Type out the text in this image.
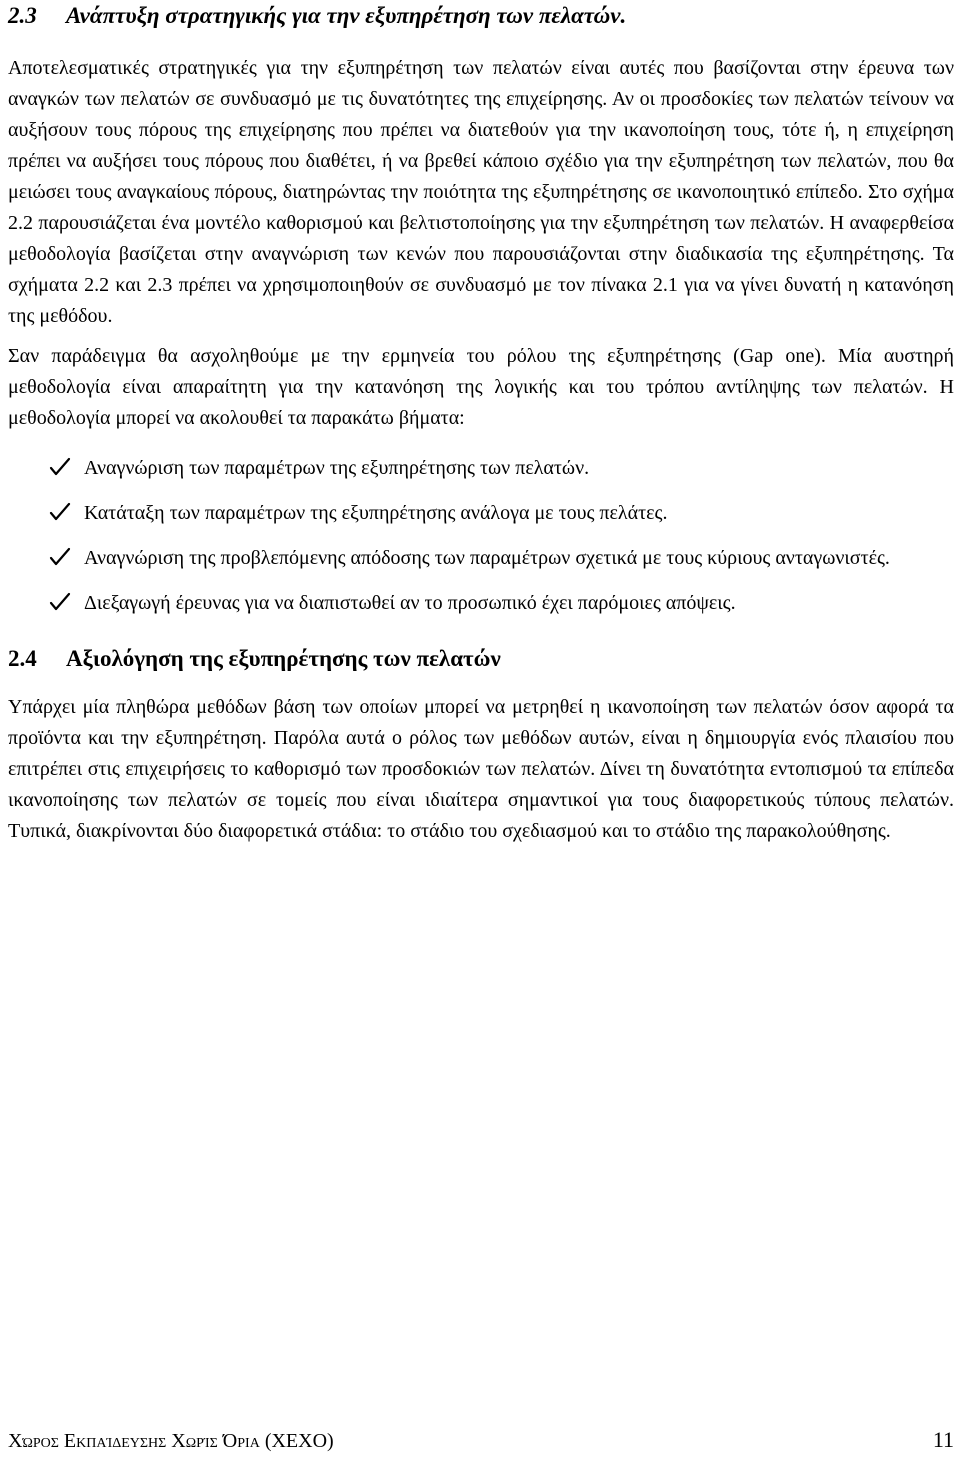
2.3 Ανάπτυξη στρατηγικής για την εξυπηρέτηση των πελατών.

Αποτελεσματικές στρατηγικές για την εξυπηρέτηση των πελατών είναι αυτές που βασίζονται στην έρευνα των αναγκών των πελατών σε συνδυασμό με τις δυνατότητες της επιχείρησης. Αν οι προσδοκίες των πελατών τείνουν να αυξήσουν τους πόρους της επιχείρησης που πρέπει να διατεθούν για την ικανοποίηση τους, τότε ή, η επιχείρηση πρέπει να αυξήσει τους πόρους που διαθέτει, ή να βρεθεί κάποιο σχέδιο για την εξυπηρέτηση των πελατών, που θα μειώσει τους αναγκαίους πόρους, διατηρώντας την ποιότητα της εξυπηρέτησης σε ικανοποιητικό επίπεδο. Στο σχήμα 2.2 παρουσιάζεται ένα μοντέλο καθορισμού και βελτιστοποίησης για την εξυπηρέτηση των πελατών. Η αναφερθείσα μεθοδολογία βασίζεται στην αναγνώριση των κενών που παρουσιάζονται στην διαδικασία της εξυπηρέτησης. Τα σχήματα 2.2 και 2.3 πρέπει να χρησιμοποιηθούν σε συνδυασμό με τον πίνακα 2.1 για να γίνει δυνατή η κατανόηση της μεθόδου.

Σαν παράδειγμα θα ασχοληθούμε με την ερμηνεία του ρόλου της εξυπηρέτησης (Gap one). Μία αυστηρή μεθοδολογία είναι απαραίτητη για την κατανόηση της λογικής και του τρόπου αντίληψης των πελατών. Η μεθοδολογία μπορεί να ακολουθεί τα παρακάτω βήματα:

Αναγνώριση των παραμέτρων της εξυπηρέτησης των πελατών.
Κατάταξη των παραμέτρων της εξυπηρέτησης ανάλογα με τους πελάτες.
Αναγνώριση της προβλεπόμενης απόδοσης των παραμέτρων σχετικά με τους κύριους ανταγωνιστές.
Διεξαγωγή έρευνας για να διαπιστωθεί αν το προσωπικό έχει παρόμοιες απόψεις.
2.4 Αξιολόγηση της εξυπηρέτησης των πελατών

Υπάρχει μία πληθώρα μεθόδων βάση των οποίων μπορεί να μετρηθεί η ικανοποίηση των πελατών όσον αφορά τα προϊόντα και την εξυπηρέτηση. Παρόλα αυτά ο ρόλος των μεθόδων αυτών, είναι η δημιουργία ενός πλαισίου που επιτρέπει στις επιχειρήσεις το καθορισμό των προσδοκιών των πελατών. Δίνει τη δυνατότητα εντοπισμού τα επίπεδα ικανοποίησης των πελατών σε τομείς που είναι ιδιαίτερα σημαντικοί για τους διαφορετικούς τύπους πελατών. Τυπικά, διακρίνονται δύο διαφορετικά στάδια: το στάδιο του σχεδιασμού και το στάδιο της παρακολούθησης.

Χώρος Εκπαίδευσης Χωρίς Όρια (ΧΕΧΟ)	11
